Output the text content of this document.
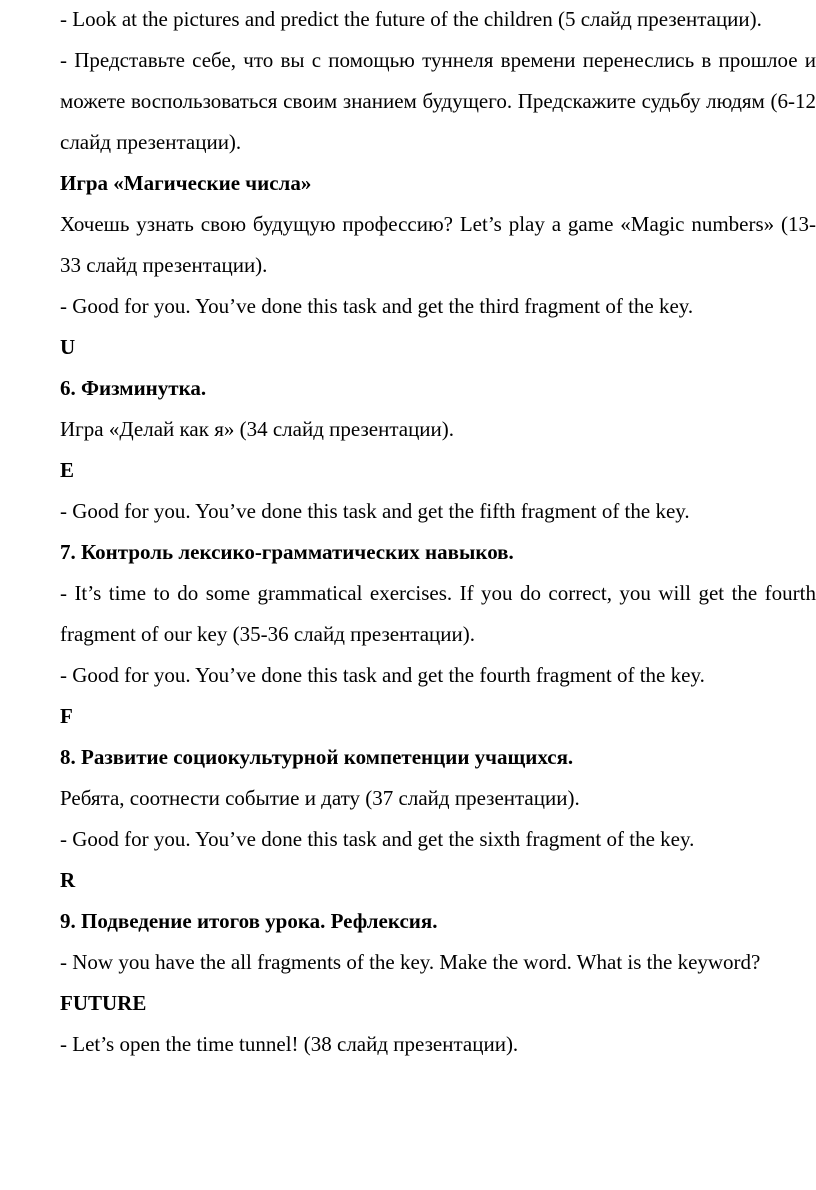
- Look at the pictures and predict the future of the children (5 слайд презентации).

- Представьте себе, что вы с помощью туннеля времени перенеслись в прошлое и можете воспользоваться своим знанием будущего. Предскажите судьбу людям (6-12 слайд презентации).

Игра «Магические числа»

Хочешь узнать свою будущую профессию? Let’s play a game «Magic numbers» (13-33 слайд презентации).

- Good for you. You’ve done this task and get the third fragment of the key.

U

6. Физминутка.

Игра «Делай как я» (34 слайд презентации).

E

- Good for you. You’ve done this task and get the fifth fragment of the key.

7. Контроль лексико-грамматических навыков.

- It’s time to do some grammatical exercises. If you do correct, you will get the fourth fragment of our key (35-36 слайд презентации).

- Good for you. You’ve done this task and get the fourth fragment of the key.

F

8. Развитие социокультурной компетенции учащихся.

Ребята, соотнести событие и дату (37 слайд презентации).

- Good for you. You’ve done this task and get the sixth fragment of the key.

R

9. Подведение итогов урока. Рефлексия.

- Now you have the all fragments of the key. Make the word. What is the keyword?

FUTURE

- Let’s open the time tunnel! (38 слайд презентации).
